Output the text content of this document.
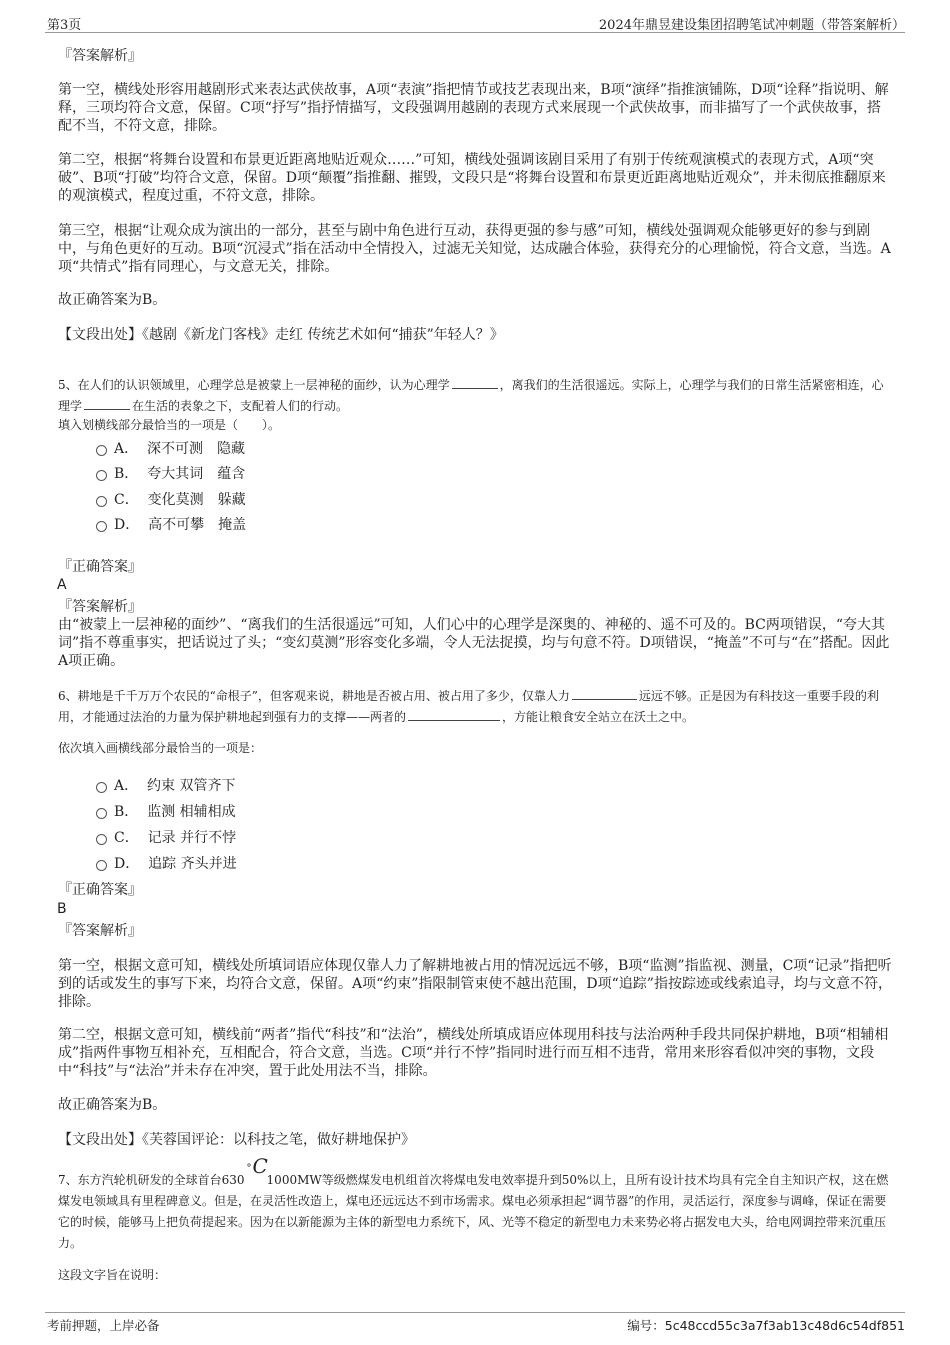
第3页	2024年鼎昱建设集团招聘笔试冲刺题（带答案解析）
『答案解析』
第一空，横线处形容用越剧形式来表达武侠故事，A项“表演”指把情节或技艺表现出来，B项“演绎”指推演铺陈，D项“诠释”指说明、解释，三项均符合文意，保留。C项“抒写”指抒情描写，文段强调用越剧的表现方式来展现一个武侠故事，而非描写了一个武侠故事，搭配不当，不符文意，排除。
第二空，根据“将舞台设置和布景更近距离地贴近观众……”可知，横线处强调该剧目采用了有别于传统观演模式的表现方式，A项“突破”、B项“打破”均符合文意，保留。D项“颠覆”指推翻、摧毁，文段只是“将舞台设置和布景更近距离地贴近观众”，并未彻底推翻原来的观演模式，程度过重，不符文意，排除。
第三空，根据“让观众成为演出的一部分，甚至与剧中角色进行互动，获得更强的参与感”可知，横线处强调观众能够更好的参与到剧中，与角色更好的互动。B项“沉浸式”指在活动中全情投入，过滤无关知觉，达成融合体验，获得充分的心理愉悦，符合文意，当选。A项“共情式”指有同理心，与文意无关，排除。
故正确答案为B。
【文段出处】《越剧《新龙门客栈》走红 传统艺术如何“捕获”年轻人？》
5、在人们的认识领域里，心理学总是被蒙上一层神秘的面纱，认为心理学	，离我们的生活很遥远。实际上，心理学与我们的日常生活紧密相连，心理学	在生活的表象之下，支配着人们的行动。
填入划横线部分最恰当的一项是（　　）。
A． 深不可测　隐藏
B． 夸大其词　蕴含
C． 变化莫测　躲藏
D． 高不可攀　掩盖
『正确答案』
A
『答案解析』
由“被蒙上一层神秘的面纱”、“离我们的生活很遥远”可知，人们心中的心理学是深奥的、神秘的、遥不可及的。BC两项错误，“夸大其词”指不尊重事实，把话说过了头；“变幻莫测”形容变化多端，令人无法捉摸，均与句意不符。D项错误，“掩盖”不可与“在”搭配。因此A项正确。
6、耕地是千千万万个农民的“命根子”，但客观来说，耕地是否被占用、被占用了多少，仅靠人力	远远不够。正是因为有科技这一重要手段的利用，才能通过法治的力量为保护耕地起到强有力的支撑——两者的	，方能让粮食安全站立在沃土之中。
依次填入画横线部分最恰当的一项是：
A． 约束 双管齐下
B． 监测 相辅相成
C． 记录 并行不悖
D． 追踪 齐头并进
『正确答案』
B
『答案解析』
第一空，根据文意可知，横线处所填词语应体现仅靠人力了解耕地被占用的情况远远不够，B项“监测”指监视、测量，C项“记录”指把听到的话或发生的事写下来，均符合文意，保留。A项“约束”指限制管束使不越出范围，D项“追踪”指按踪迹或线索追寻，均与文意不符，排除。
第二空，根据文意可知，横线前“两者”指代“科技”和“法治”，横线处所填成语应体现用科技与法治两种手段共同保护耕地，B项“相辅相成”指两件事物互相补充，互相配合，符合文意，当选。C项“并行不悖”指同时进行而互相不违背，常用来形容看似冲突的事物，文段中“科技”与“法治”并未存在冲突，置于此处用法不当，排除。
故正确答案为B。
【文段出处】《芙蓉国评论：以科技之笔，做好耕地保护》
7、东方汽轮机研发的全球首台630
° C
1000MW等级燃煤发电机组首次将煤电发电效率提升到50%以上，且所有设计技术均具有完全自主知识产权，这在燃煤发电领域具有里程碑意义。但是，在灵活性改造上，煤电还远远达不到市场需求。煤电必须承担起“调节器”的作用，灵活运行，深度参与调峰，保证在需要它的时候，能够马上把负荷提起来。因为在以新能源为主体的新型电力系统下，风、光等不稳定的新型电力未来势必将占据发电大头，给电网调控带来沉重压力。
这段文字旨在说明：
考前押题，上岸必备	编号：5c48ccd55c3a7f3ab13c48d6c54df851
